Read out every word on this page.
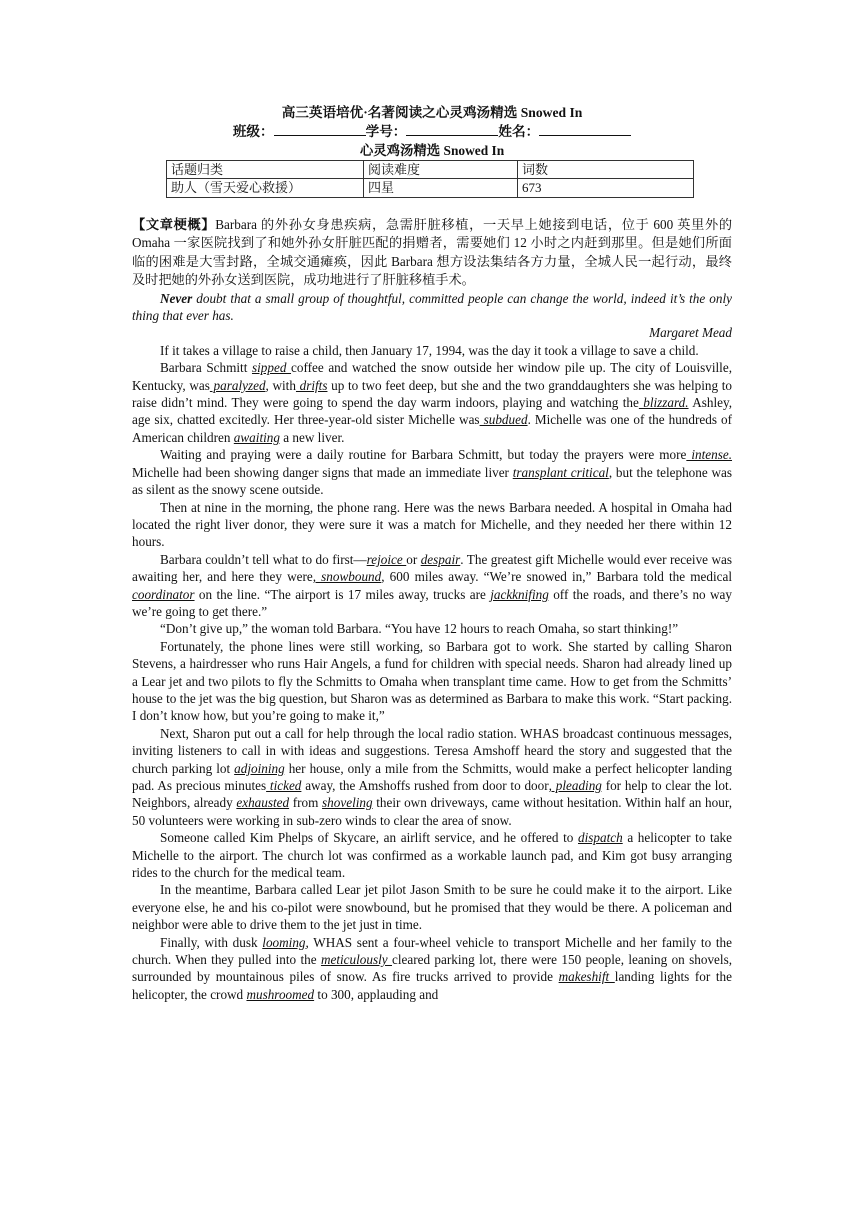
高三英语培优·名著阅读之心灵鸡汤精选 Snowed In

班级：	学号：	姓名：

心灵鸡汤精选 Snowed In

话题归类	阅读难度	词数
助人（雪天爱心救援）	四星	673

【文章梗概】Barbara 的外孙女身患疾病，急需肝脏移植，一天早上她接到电话，位于 600 英里外的 Omaha 一家医院找到了和她外孙女肝脏匹配的捐赠者，需要她们 12 小时之内赶到那里。但是她们所面临的困难是大雪封路，全城交通瘫痪，因此 Barbara 想方设法集结各方力量，全城人民一起行动，最终及时把她的外孙女送到医院，成功地进行了肝脏移植手术。

Never doubt that a small group of thoughtful, committed people can change the world, indeed it’s the only thing that ever has.

Margaret Mead

If it takes a village to raise a child, then January 17, 1994, was the day it took a village to save a child.

Barbara Schmitt sipped coffee and watched the snow outside her window pile up. The city of Louisville, Kentucky, was paralyzed, with drifts up to two feet deep, but she and the two granddaughters she was helping to raise didn’t mind. They were going to spend the day warm indoors, playing and watching the blizzard. Ashley, age six, chatted excitedly. Her three-year-old sister Michelle was subdued. Michelle was one of the hundreds of American children awaiting a new liver.

Waiting and praying were a daily routine for Barbara Schmitt, but today the prayers were more intense. Michelle had been showing danger signs that made an immediate liver transplant critical, but the telephone was as silent as the snowy scene outside.

Then at nine in the morning, the phone rang. Here was the news Barbara needed. A hospital in Omaha had located the right liver donor, they were sure it was a match for Michelle, and they needed her there within 12 hours.

Barbara couldn’t tell what to do first—rejoice or despair. The greatest gift Michelle would ever receive was awaiting her, and here they were, snowbound, 600 miles away. “We’re snowed in,” Barbara told the medical coordinator on the line. “The airport is 17 miles away, trucks are jackknifing off the roads, and there’s no way we’re going to get there.”

“Don’t give up,” the woman told Barbara. “You have 12 hours to reach Omaha, so start thinking!”

Fortunately, the phone lines were still working, so Barbara got to work. She started by calling Sharon Stevens, a hairdresser who runs Hair Angels, a fund for children with special needs. Sharon had already lined up a Lear jet and two pilots to fly the Schmitts to Omaha when transplant time came. How to get from the Schmitts’ house to the jet was the big question, but Sharon was as determined as Barbara to make this work. “Start packing. I don’t know how, but you’re going to make it,”

Next, Sharon put out a call for help through the local radio station. WHAS broadcast continuous messages, inviting listeners to call in with ideas and suggestions. Teresa Amshoff heard the story and suggested that the church parking lot adjoining her house, only a mile from the Schmitts, would make a perfect helicopter landing pad. As precious minutes ticked away, the Amshoffs rushed from door to door, pleading for help to clear the lot. Neighbors, already exhausted from shoveling their own driveways, came without hesitation. Within half an hour, 50 volunteers were working in sub-zero winds to clear the area of snow.

Someone called Kim Phelps of Skycare, an airlift service, and he offered to dispatch a helicopter to take Michelle to the airport. The church lot was confirmed as a workable launch pad, and Kim got busy arranging rides to the church for the medical team.

In the meantime, Barbara called Lear jet pilot Jason Smith to be sure he could make it to the airport. Like everyone else, he and his co-pilot were snowbound, but he promised that they would be there. A policeman and neighbor were able to drive them to the jet just in time.

Finally, with dusk looming, WHAS sent a four-wheel vehicle to transport Michelle and her family to the church. When they pulled into the meticulously cleared parking lot, there were 150 people, leaning on shovels, surrounded by mountainous piles of snow. As fire trucks arrived to provide makeshift landing lights for the helicopter, the crowd mushroomed to 300, applauding and
